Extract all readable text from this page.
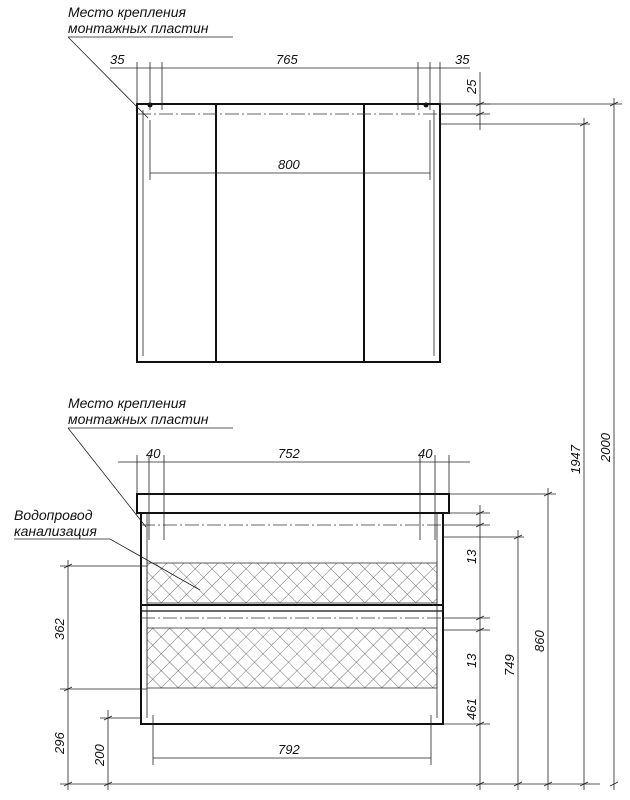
Место крепления
монтажных пластин
Место крепления
монтажных пластин
Водопровод
канализация
35	765	35
800
25
40	752	40
792
13
13
461
749
860
1947 2000
362
296
200
